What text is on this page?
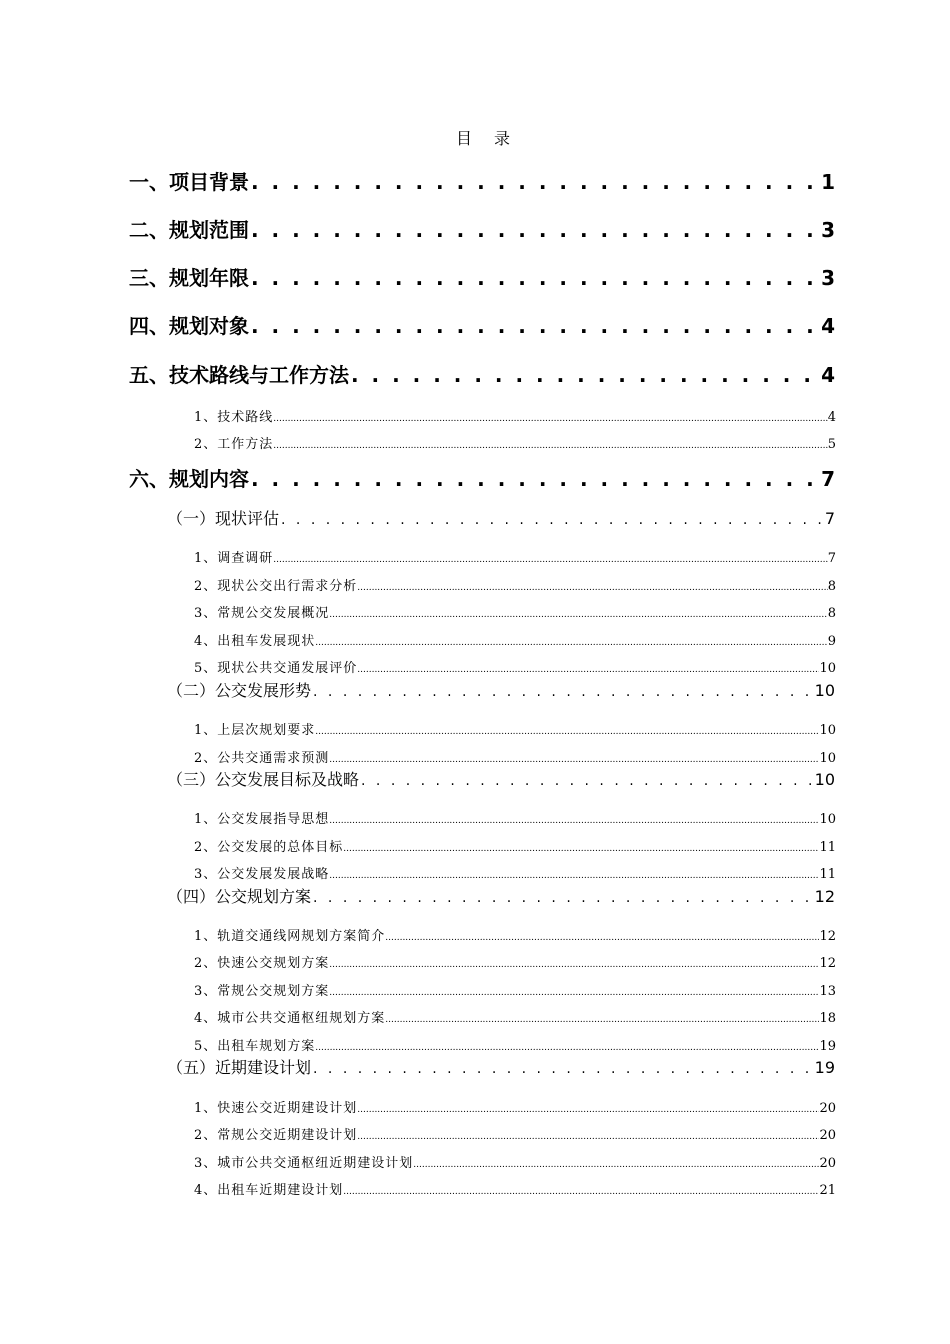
目 录
一、项目背景 . . .	1
二、规划范围 . . .	3
三、规划年限 . . .	3
四、规划对象 . . .	4
五、技术路线与工作方法 . . .	4
1、技术路线 .....	4
2、工作方法 .....	5
六、规划内容 . . .	7
（一）现状评估 . . .	7
1、调查调研 .....	7
2、现状公交出行需求分析 .....	8
3、常规公交发展概况 .....	8
4、出租车发展现状 .....	9
5、现状公共交通发展评价 .....	10
（二）公交发展形势 . . .	10
1、上层次规划要求 .....	10
2、公共交通需求预测 .....	10
（三）公交发展目标及战略 . . .	10
1、公交发展指导思想 .....	10
2、公交发展的总体目标 .....	11
3、公交发展发展战略 .....	11
（四）公交规划方案 . . .	12
1、轨道交通线网规划方案简介 .....	12
2、快速公交规划方案 .....	12
3、常规公交规划方案 .....	13
4、城市公共交通枢纽规划方案 .....	18
5、出租车规划方案 .....	19
（五）近期建设计划 . . .	19
1、快速公交近期建设计划 .....	20
2、常规公交近期建设计划 .....	20
3、城市公共交通枢纽近期建设计划 .....	20
4、出租车近期建设计划 .....	21
